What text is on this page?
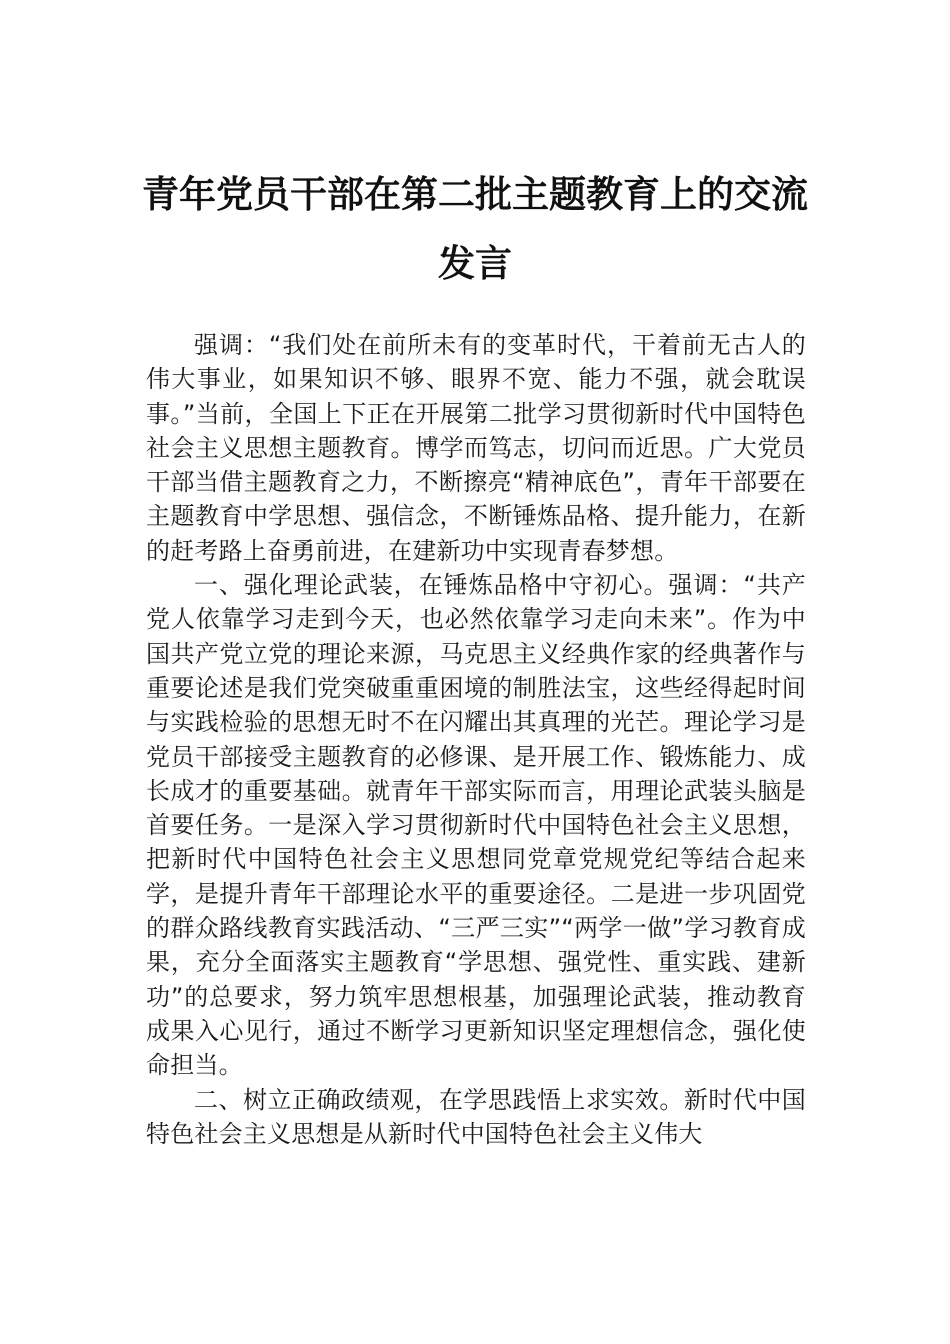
青年党员干部在第二批主题教育上的交流
发言

强调：“我们处在前所未有的变革时代，干着前无古人的伟大事业，如果知识不够、眼界不宽、能力不强，就会耽误事。”当前，全国上下正在开展第二批学习贯彻新时代中国特色社会主义思想主题教育。博学而笃志，切问而近思。广大党员干部当借主题教育之力，不断擦亮“精神底色”，青年干部要在主题教育中学思想、强信念，不断锤炼品格、提升能力，在新的赶考路上奋勇前进，在建新功中实现青春梦想。

一、强化理论武装，在锤炼品格中守初心。强调：“共产党人依靠学习走到今天，也必然依靠学习走向未来”。作为中国共产党立党的理论来源，马克思主义经典作家的经典著作与重要论述是我们党突破重重困境的制胜法宝，这些经得起时间与实践检验的思想无时不在闪耀出其真理的光芒。理论学习是党员干部接受主题教育的必修课、是开展工作、锻炼能力、成长成才的重要基础。就青年干部实际而言，用理论武装头脑是首要任务。一是深入学习贯彻新时代中国特色社会主义思想，把新时代中国特色社会主义思想同党章党规党纪等结合起来学，是提升青年干部理论水平的重要途径。二是进一步巩固党的群众路线教育实践活动、“三严三实”“两学一做”学习教育成果，充分全面落实主题教育“学思想、强党性、重实践、建新功”的总要求，努力筑牢思想根基，加强理论武装，推动教育成果入心见行，通过不断学习更新知识坚定理想信念，强化使命担当。

二、树立正确政绩观，在学思践悟上求实效。新时代中国特色社会主义思想是从新时代中国特色社会主义伟大
